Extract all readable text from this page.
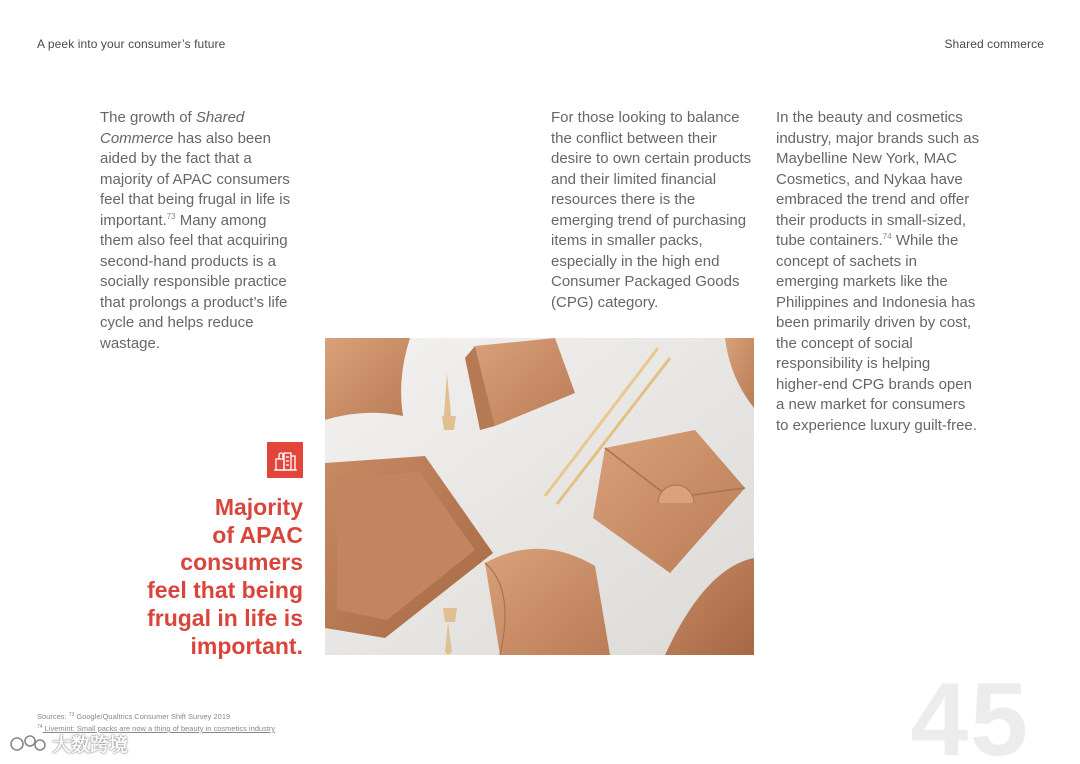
A peek into your consumer’s future	Shared commerce
The growth of Shared Commerce has also been aided by the fact that a majority of APAC consumers feel that being frugal in life is important.$^{73}$ Many among them also feel that acquiring second-hand products is a socially responsible practice that prolongs a product’s life cycle and helps reduce wastage.
For those looking to balance the conflict between their desire to own certain products and their limited financial resources there is the emerging trend of purchasing items in smaller packs, especially in the high end Consumer Packaged Goods (CPG) category.
In the beauty and cosmetics industry, major brands such as Maybelline New York, MAC Cosmetics, and Nykaa have embraced the trend and offer their products in small-sized, tube containers.$^{74}$ While the concept of sachets in emerging markets like the Philippines and Indonesia has been primarily driven by cost, the concept of social responsibility is helping higher-end CPG brands open a new market for consumers to experience luxury guilt-free.
Majority
of APAC
consumers
feel that being
frugal in life is
important.
Sources: $^{73}$ Google/Qualtrics Consumer Shift Survey 2019
$^{74}$ Livemint: Small packs are now a thing of beauty in cosmetics industry	45
大数跨境
